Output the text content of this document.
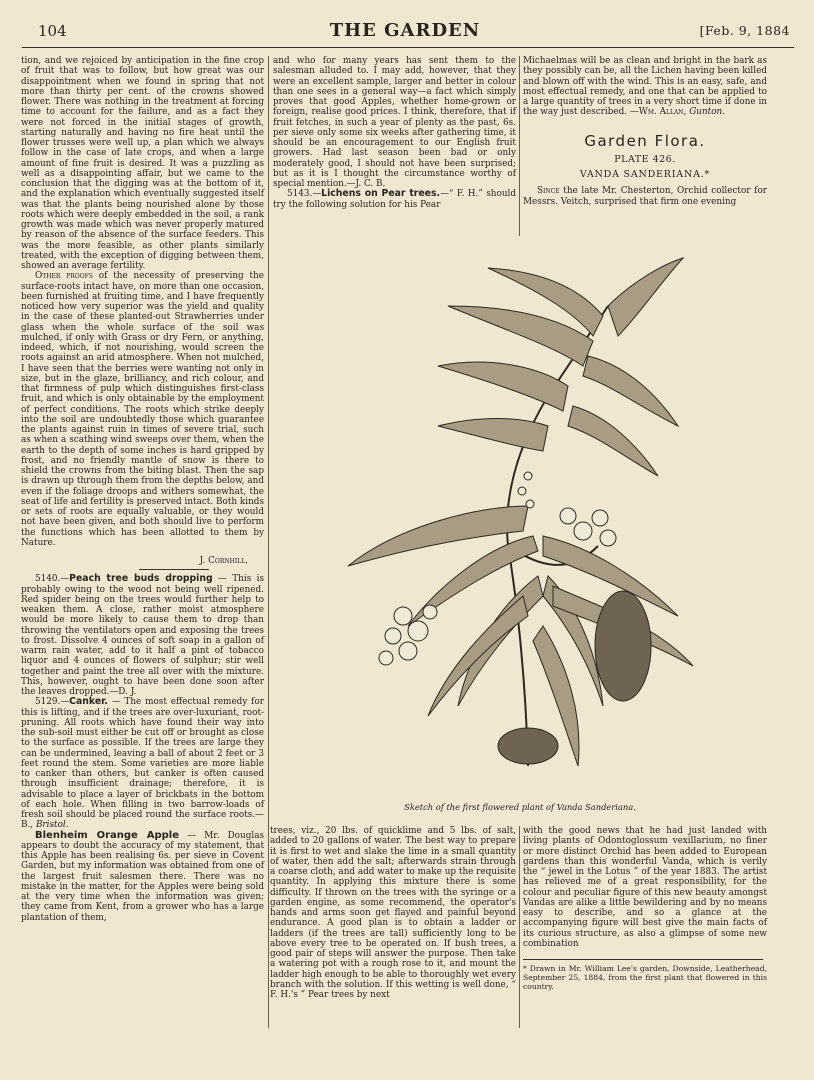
104	THE GARDEN	[Feb. 9, 1884

tion, and we rejoiced by anticipation in the fine crop of fruit that was to follow, but how great was our disappointment when we found in spring that not more than thirty per cent. of the crowns showed flower. There was nothing in the treatment at forcing time to account for the failure, and as a fact they were not forced in the initial stages of growth, starting naturally and having no fire heat until the flower trusses were well up, a plan which we always follow in the case of late crops, and when a large amount of fine fruit is desired. It was a puzzling as well as a disappointing affair, but we came to the conclusion that the digging was at the bottom of it, and the explanation which eventually suggested itself was that the plants being nourished alone by those roots which were deeply embedded in the soil, a rank growth was made which was never properly matured by reason of the absence of the surface feeders. This was the more feasible, as other plants similarly treated, with the exception of digging between them, showed an average fertility.

Other proofs of the necessity of preserving the surface-roots intact have, on more than one occasion, been furnished at fruiting time, and I have frequently noticed how very superior was the yield and quality in the case of these planted-out Strawberries under glass when the whole surface of the soil was mulched, if only with Grass or dry Fern, or anything, indeed, which, if not nourishing, would screen the roots against an arid atmosphere. When not mulched, I have seen that the berries were wanting not only in size, but in the glaze, brilliancy, and rich colour, and that firmness of pulp which distinguishes first-class fruit, and which is only obtainable by the employment of perfect conditions. The roots which strike deeply into the soil are undoubtedly those which guarantee the plants against ruin in times of severe trial, such as when a scathing wind sweeps over them, when the earth to the depth of some inches is hard gripped by frost, and no friendly mantle of snow is there to shield the crowns from the biting blast. Then the sap is drawn up through them from the depths below, and even if the foliage droops and withers somewhat, the seat of life and fertility is preserved intact. Both kinds or sets of roots are equally valuable, or they would not have been given, and both should live to perform the functions which has been allotted to them by Nature.

J. Cornhill.

5140.—Peach tree buds dropping — This is probably owing to the wood not being well ripened. Red spider being on the trees would further help to weaken them. A close, rather moist atmosphere would be more likely to cause them to drop than throwing the ventilators open and exposing the trees to frost. Dissolve 4 ounces of soft soap in a gallon of warm rain water, add to it half a pint of tobacco liquor and 4 ounces of flowers of sulphur; stir well together and paint the tree all over with the mixture. This, however, ought to have been done soon after the leaves dropped.—D. J.

5129.—Canker. — The most effectual remedy for this is lifting, and if the trees are over-luxuriant, root-pruning. All roots which have found their way into the sub-soil must either be cut off or brought as close to the surface as possible. If the trees are large they can be undermined, leaving a ball of about 2 feet or 3 feet round the stem. Some varieties are more liable to canker than others, but canker is often caused through insufficient drainage; therefore, it is advisable to place a layer of brickbats in the bottom of each hole. When filling in two barrow-loads of fresh soil should be placed round the surface roots.—B., Bristol.

Blenheim Orange Apple — Mr. Douglas appears to doubt the accuracy of my statement, that this Apple has been realising 6s. per sieve in Covent Garden, but my information was obtained from one of the largest fruit salesmen there. There was no mistake in the matter, for the Apples were being sold at the very time when the information was given; they came from Kent, from a grower who has a large plantation of them,

and who for many years has sent them to the salesman alluded to. I may add, however, that they were an excellent sample, larger and better in colour than one sees in a general way—a fact which simply proves that good Apples, whether home-grown or foreign, realise good prices. I think, therefore, that if fruit fetches, in such a year of plenty as the past, 6s. per sieve only some six weeks after gathering time, it should be an encouragement to our English fruit growers. Had last season been bad or only moderately good, I should not have been surprised; but as it is I thought the circumstance worthy of special mention.—J. C. B.

5143.—Lichens on Pear trees.—“ F. H.” should try the following solution for his Pear

Michaelmas will be as clean and bright in the bark as they possibly can be, all the Lichen having been killed and blown off with the wind. This is an easy, safe, and most effectual remedy, and one that can be applied to a large quantity of trees in a very short time if done in the way just described. —Wm. Allan, Gunton.

Garden Flora.

PLATE 426.

VANDA SANDERIANA.*

Since the late Mr. Chesterton, Orchid collector for Messrs. Veitch, surprised that firm one evening

Sketch of the first flowered plant of Vanda Sanderiana.

trees, viz., 20 lbs. of quicklime and 5 lbs. of salt, added to 20 gallons of water. The best way to prepare it is first to wet and slake the lime in a small quantity of water, then add the salt; afterwards strain through a coarse cloth, and add water to make up the requisite quantity. In applying this mixture there is some difficulty. If thrown on the trees with the syringe or a garden engine, as some recommend, the operator's hands and arms soon get flayed and painful beyond endurance. A good plan is to obtain a ladder or ladders (if the trees are tall) sufficiently long to be above every tree to be operated on. If bush trees, a good pair of steps will answer the purpose. Then take a watering pot with a rough rose to it, and mount the ladder high enough to be able to thoroughly wet every branch with the solution. If this wetting is well done, “ F. H.'s ” Pear trees by next

with the good news that he had just landed with living plants of Odontoglossum vexillarium, no finer or more distinct Orchid has been added to European gardens than this wonderful Vanda, which is verily the “ jewel in the Lotus ” of the year 1883. The artist has relieved me of a great responsibility, for the colour and peculiar figure of this new beauty amongst Vandas are alike a little bewildering and by no means easy to describe, and so a glance at the accompanying figure will best give the main facts of its curious structure, as also a glimpse of some new combination

* Drawn in Mr. William Lee's garden, Downside, Leatherhead, September 25, 1884, from the first plant that flowered in this country.
